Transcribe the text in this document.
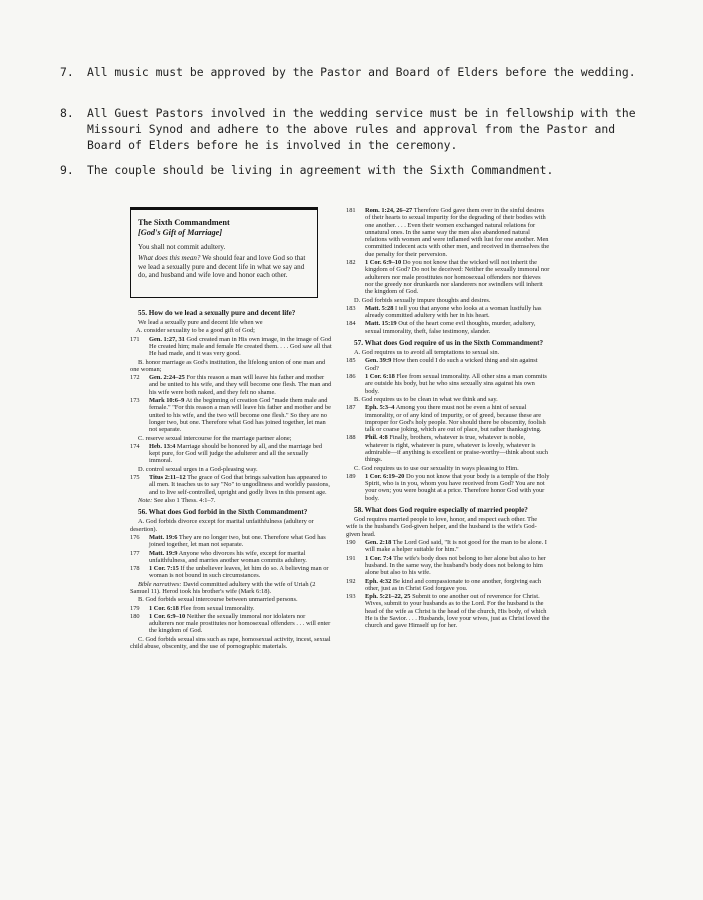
7. All music must be approved by the Pastor and Board of Elders before the wedding.
8. All Guest Pastors involved in the wedding service must be in fellowship with the Missouri Synod and adhere to the above rules and approval from the Pastor and Board of Elders before he is involved in the ceremony.
9. The couple should be living in agreement with the Sixth Commandment.
The Sixth Commandment
[God's Gift of Marriage]
You shall not commit adultery.
What does this mean? We should fear and love God so that we lead a sexually pure and decent life in what we say and do, and husband and wife love and honor each other.
55. How do we lead a sexually pure and decent life?
We lead a sexually pure and decent life when we
A. consider sexuality to be a good gift of God;
171	Gen. 1:27, 31 God created man in His own image, in the image of God He created him; male and female He created them. . . . God saw all that He had made, and it was very good.
B. honor marriage as God's institution, the lifelong union of one man and one woman;
172	Gen. 2:24–25 For this reason a man will leave his father and mother and be united to his wife, and they will become one flesh. The man and his wife were both naked, and they felt no shame.
173	Mark 10:6–9 At the beginning of creation God "made them male and female." "For this reason a man will leave his father and mother and be united to his wife, and the two will become one flesh." So they are no longer two, but one. Therefore what God has joined together, let man not separate.
C. reserve sexual intercourse for the marriage partner alone;
174	Heb. 13:4 Marriage should be honored by all, and the marriage bed kept pure, for God will judge the adulterer and all the sexually immoral.
D. control sexual urges in a God-pleasing way.
175	Titus 2:11–12 The grace of God that brings salvation has appeared to all men. It teaches us to say "No" to ungodliness and worldly passions, and to live self-controlled, upright and godly lives in this present age.
Note: See also 1 Thess. 4:1–7.
56. What does God forbid in the Sixth Commandment?
A. God forbids divorce except for marital unfaithfulness (adultery or desertion).
176	Matt. 19:6 They are no longer two, but one. Therefore what God has joined together, let man not separate.
177	Matt. 19:9 Anyone who divorces his wife, except for marital unfaithfulness, and marries another woman commits adultery.
178	1 Cor. 7:15 If the unbeliever leaves, let him do so. A believing man or woman is not bound in such circumstances.
Bible narratives: David committed adultery with the wife of Uriah (2 Samuel 11). Herod took his brother's wife (Mark 6:18).
B. God forbids sexual intercourse between unmarried persons.
179	1 Cor. 6:18 Flee from sexual immorality.
180	1 Cor. 6:9–10 Neither the sexually immoral nor idolaters nor adulterers nor male prostitutes nor homosexual offenders . . . will enter the kingdom of God.
C. God forbids sexual sins such as rape, homosexual activity, incest, sexual child abuse, obscenity, and the use of pornographic materials.
181	Rom. 1:24, 26–27 Therefore God gave them over in the sinful desires of their hearts to sexual impurity for the degrading of their bodies with one another. . . . Even their women exchanged natural relations for unnatural ones. In the same way the men also abandoned natural relations with women and were inflamed with lust for one another. Men committed indecent acts with other men, and received in themselves the due penalty for their perversion.
182	1 Cor. 6:9–10 Do you not know that the wicked will not inherit the kingdom of God? Do not be deceived: Neither the sexually immoral nor adulterers nor male prostitutes nor homosexual offenders nor thieves nor the greedy nor drunkards nor slanderers nor swindlers will inherit the kingdom of God.
D. God forbids sexually impure thoughts and desires.
183	Matt. 5:28 I tell you that anyone who looks at a woman lustfully has already committed adultery with her in his heart.
184	Matt. 15:19 Out of the heart come evil thoughts, murder, adultery, sexual immorality, theft, false testimony, slander.
57. What does God require of us in the Sixth Commandment?
A. God requires us to avoid all temptations to sexual sin.
185	Gen. 39:9 How then could I do such a wicked thing and sin against God?
186	1 Cor. 6:18 Flee from sexual immorality. All other sins a man commits are outside his body, but he who sins sexually sins against his own body.
B. God requires us to be clean in what we think and say.
187	Eph. 5:3–4 Among you there must not be even a hint of sexual immorality, or of any kind of impurity, or of greed, because these are improper for God's holy people. Nor should there be obscenity, foolish talk or coarse joking, which are out of place, but rather thanksgiving.
188	Phil. 4:8 Finally, brothers, whatever is true, whatever is noble, whatever is right, whatever is pure, whatever is lovely, whatever is admirable—if anything is excellent or praise-worthy—think about such things.
C. God requires us to use our sexuality in ways pleasing to Him.
189	1 Cor. 6:19–20 Do you not know that your body is a temple of the Holy Spirit, who is in you, whom you have received from God? You are not your own; you were bought at a price. Therefore honor God with your body.
58. What does God require especially of married people?
God requires married people to love, honor, and respect each other. The wife is the husband's God-given helper, and the husband is the wife's God-given head.
190	Gen. 2:18 The Lord God said, "It is not good for the man to be alone. I will make a helper suitable for him."
191	1 Cor. 7:4 The wife's body does not belong to her alone but also to her husband. In the same way, the husband's body does not belong to him alone but also to his wife.
192	Eph. 4:32 Be kind and compassionate to one another, forgiving each other, just as in Christ God forgave you.
193	Eph. 5:21–22, 25 Submit to one another out of reverence for Christ. Wives, submit to your husbands as to the Lord. For the husband is the head of the wife as Christ is the head of the church, His body, of which He is the Savior. . . . Husbands, love your wives, just as Christ loved the church and gave Himself up for her.
